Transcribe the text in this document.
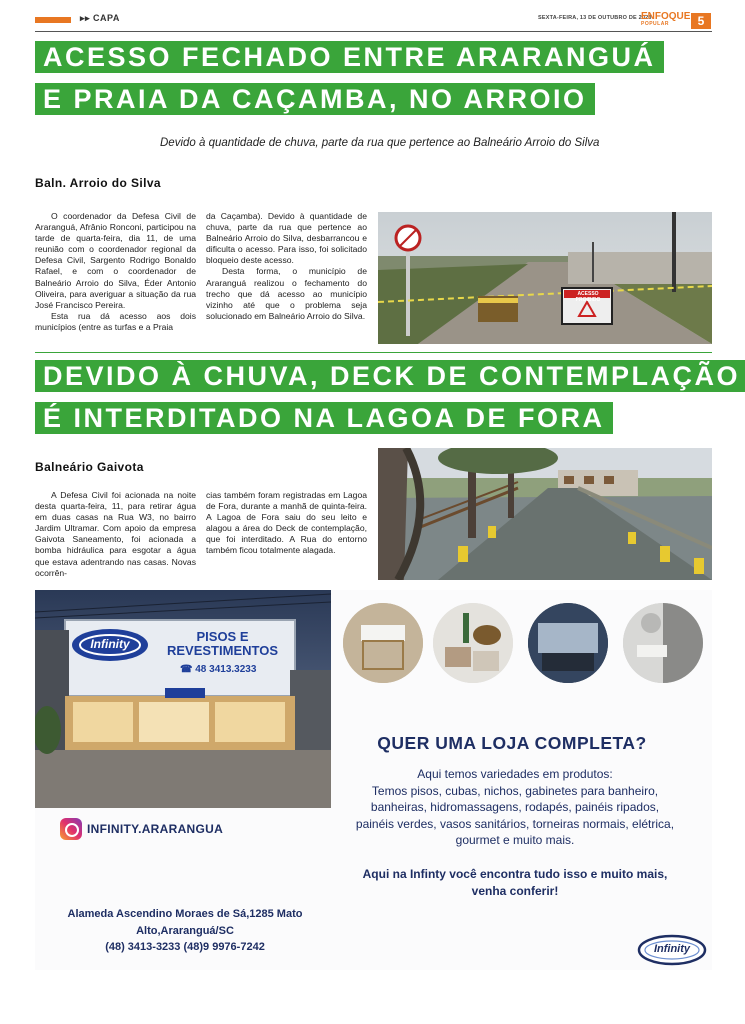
▸▸ CAPA	SEXTA-FEIRA, 13 DE OUTUBRO DE 2023
ENFOQUE
POPULAR	5
ACESSO FECHADO ENTRE ARARANGUÁ
E PRAIA DA CAÇAMBA, NO ARROIO
Devido à quantidade de chuva, parte da rua que pertence ao Balneário Arroio do Silva
Baln. Arroio do Silva

O coordenador da Defesa Civil de Araranguá, Afrânio Ronconi, participou na tarde de quarta-feira, dia 11, de uma reunião com o coordenador regional da Defesa Civil, Sargento Rodrigo Bonaldo Rafael, e com o coordenador de Balneário Arroio do Silva, Éder Antonio Oliveira, para averiguar a situação da rua José Francisco Pereira.

Esta rua dá acesso aos dois municípios (entre as turfas e a Praia

da Caçamba). Devido à quantidade de chuva, parte da rua que pertence ao Balneário Arroio do Silva, desbarrancou e dificulta o acesso. Para isso, foi solicitado bloqueio deste acesso.

Desta forma, o município de Araranguá realizou o fechamento do trecho que dá acesso ao município vizinho até que o problema seja solucionado em Balneário Arroio do Silva.

ACESSO PROIBIDO
DEVIDO À CHUVA, DECK DE CONTEMPLAÇÃO
É INTERDITADO NA LAGOA DE FORA
Balneário Gaivota

A Defesa Civil foi acionada na noite desta quarta-feira, 11, para retirar água em duas casas na Rua W3, no bairro Jardim Ultramar. Com apoio da empresa Gaivota Saneamento, foi acionada a bomba hidráulica para esgotar a água que estava adentrando nas casas. Novas ocorrên-

cias também foram registradas em Lagoa de Fora, durante a manhã de quinta-feira. A Lagoa de Fora saiu do seu leito e alagou a área do Deck de contemplação, que foi interditado. A Rua do entorno também ficou totalmente alagada.

Infinity	PISOS E
REVESTIMENTOS
☎ 48 3413.3233
INFINITY.ARARANGUA
QUER UMA LOJA COMPLETA?
Aqui temos variedades em produtos:
Temos pisos, cubas, nichos, gabinetes para banheiro,
banheiras, hidromassagens, rodapés, painéis ripados,
painéis verdes, vasos sanitários, torneiras normais, elétrica,
gourmet e muito mais.
Aqui na Infinty você encontra tudo isso e muito mais,
venha conferir!
Alameda Ascendino Moraes de Sá,1285 Mato
Alto,Araranguá/SC
(48) 3413-3233 (48)9 9976-7242	Infinity
